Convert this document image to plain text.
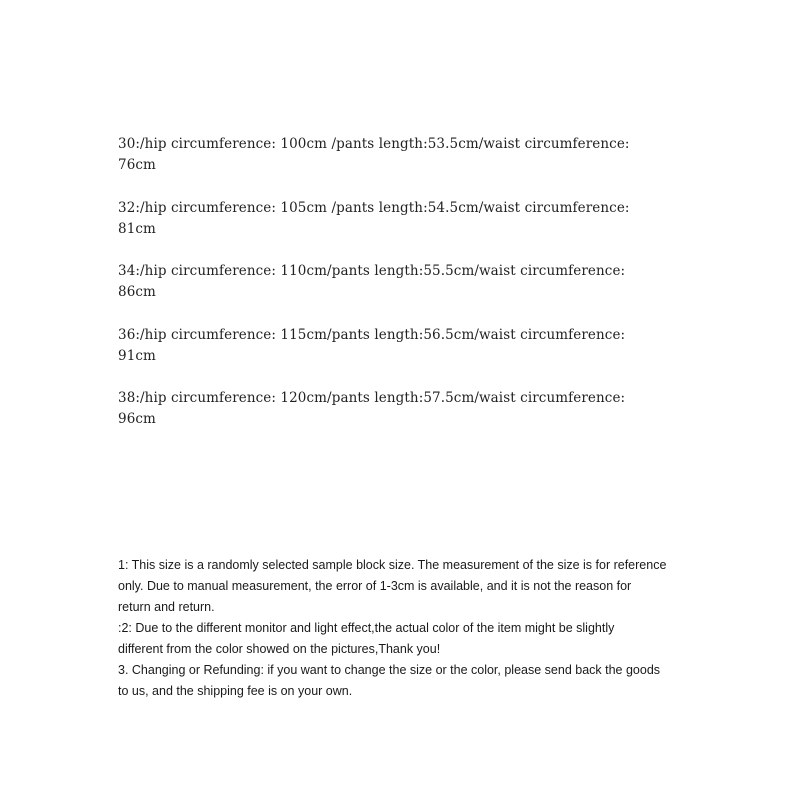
30:/hip circumference: 100cm /pants length:53.5cm/waist circumference:
76cm
32:/hip circumference: 105cm /pants length:54.5cm/waist circumference:
81cm
34:/hip circumference: 110cm/pants length:55.5cm/waist circumference:
86cm
36:/hip circumference: 115cm/pants length:56.5cm/waist circumference:
91cm
38:/hip circumference: 120cm/pants length:57.5cm/waist circumference:
96cm
1: This size is a randomly selected sample block size. The measurement of the size is for reference
only. Due to manual measurement, the error of 1-3cm is available, and it is not the reason for
return and return.
:2: Due to the different monitor and light effect,the actual color of the item might be slightly
different from the color showed on the pictures,Thank you!
3. Changing or Refunding: if you want to change the size or the color, please send back the goods
to us, and the shipping fee is on your own.
